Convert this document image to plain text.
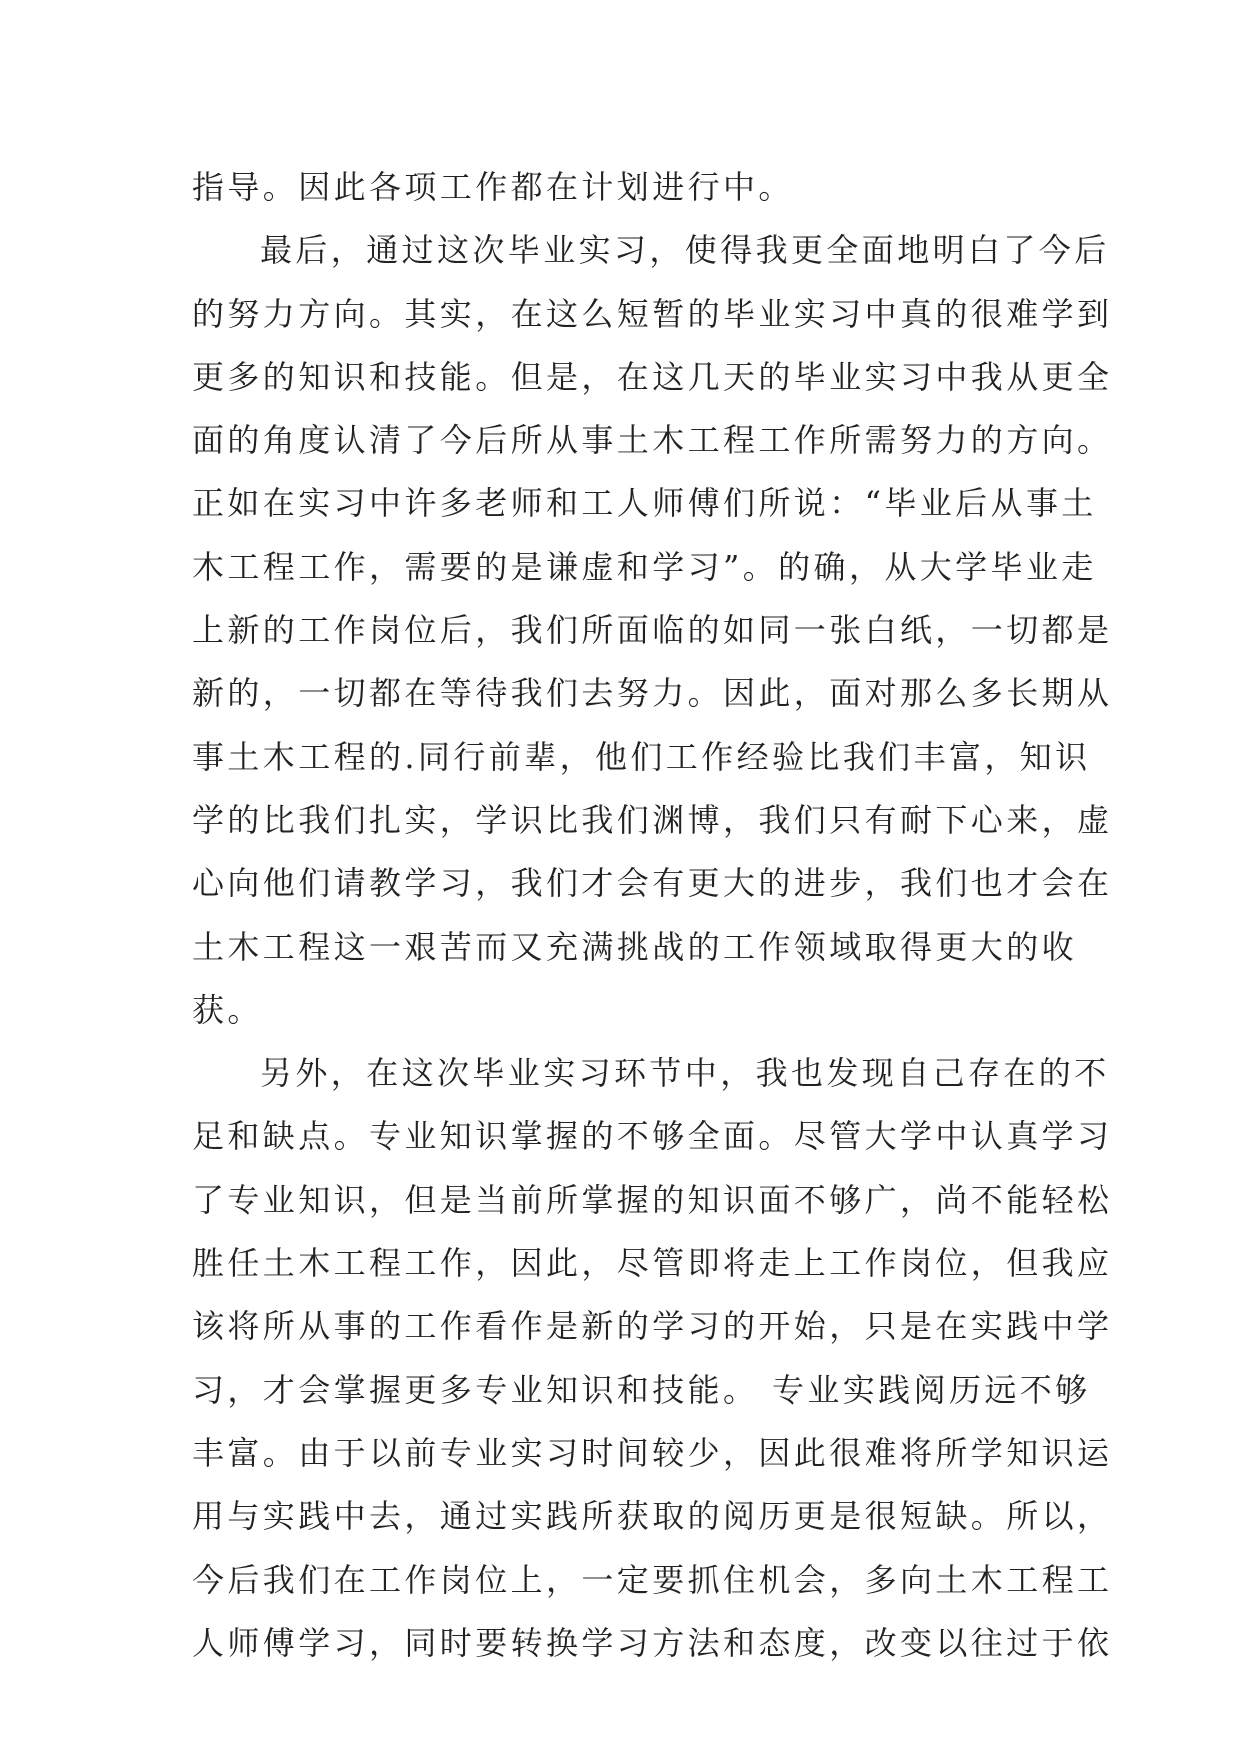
指导。因此各项工作都在计划进行中。
最后，通过这次毕业实习，使得我更全面地明白了今后
的努力方向。其实，在这么短暂的毕业实习中真的很难学到
更多的知识和技能。但是，在这几天的毕业实习中我从更全
面的角度认清了今后所从事土木工程工作所需努力的方向。
正如在实习中许多老师和工人师傅们所说：“毕业后从事土
木工程工作，需要的是谦虚和学习”。的确，从大学毕业走
上新的工作岗位后，我们所面临的如同一张白纸，一切都是
新的，一切都在等待我们去努力。因此，面对那么多长期从
事土木工程的.同行前辈，他们工作经验比我们丰富，知识
学的比我们扎实，学识比我们渊博，我们只有耐下心来，虚
心向他们请教学习，我们才会有更大的进步，我们也才会在
土木工程这一艰苦而又充满挑战的工作领域取得更大的收
获。
另外，在这次毕业实习环节中，我也发现自己存在的不
足和缺点。专业知识掌握的不够全面。尽管大学中认真学习
了专业知识，但是当前所掌握的知识面不够广，尚不能轻松
胜任土木工程工作，因此，尽管即将走上工作岗位，但我应
该将所从事的工作看作是新的学习的开始，只是在实践中学
习，才会掌握更多专业知识和技能。 专业实践阅历远不够
丰富。由于以前专业实习时间较少，因此很难将所学知识运
用与实践中去，通过实践所获取的阅历更是很短缺。所以，
今后我们在工作岗位上，一定要抓住机会，多向土木工程工
人师傅学习，同时要转换学习方法和态度，改变以往过于依
